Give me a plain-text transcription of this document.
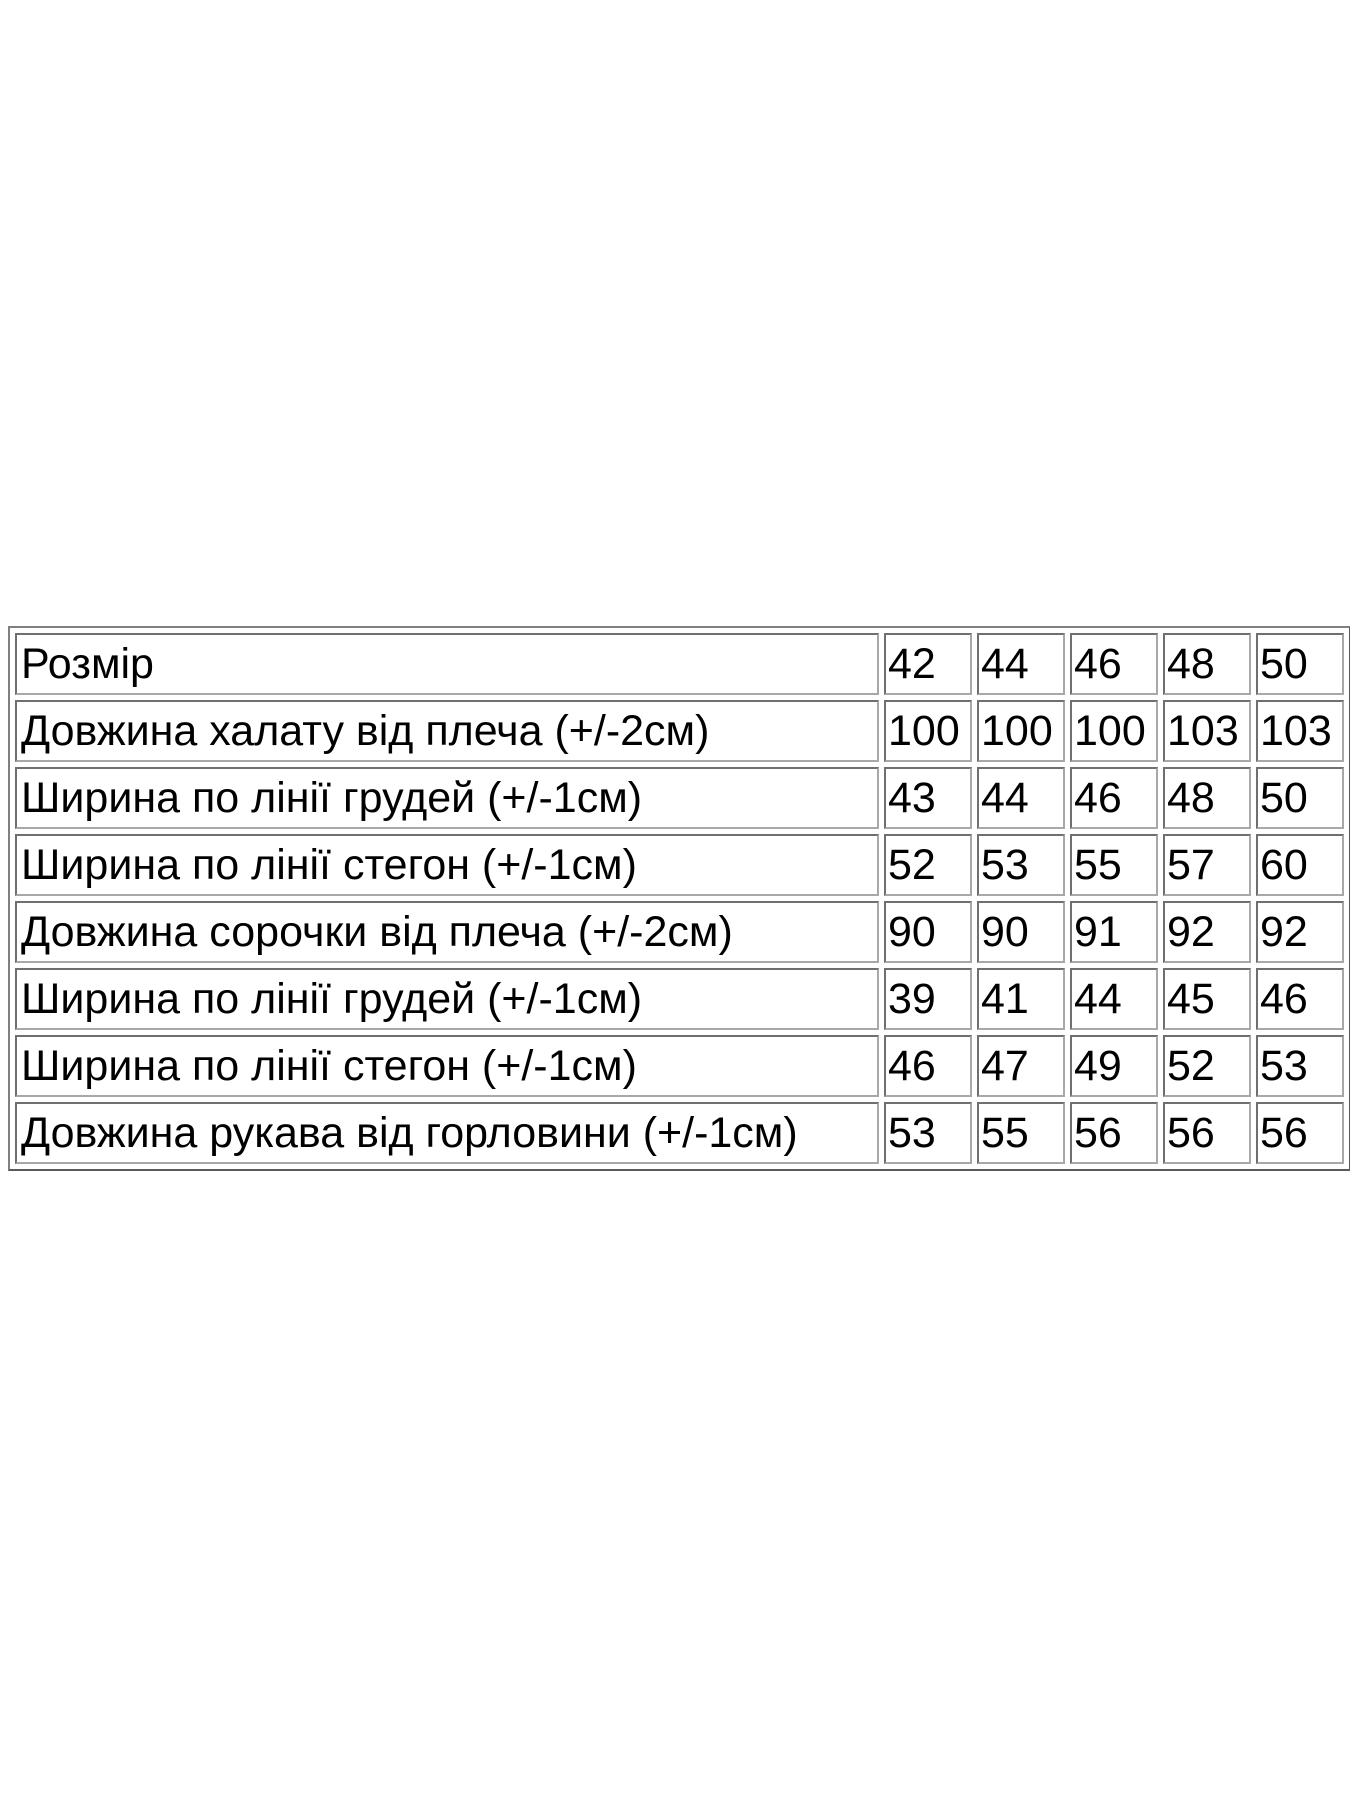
Розмір	42	44	46	48	50
Довжина халату від плеча (+/-2см)	100	100	100	103	103
Ширина по лінії грудей (+/-1см)	43	44	46	48	50
Ширина по лінії стегон (+/-1см)	52	53	55	57	60
Довжина сорочки від плеча (+/-2см)	90	90	91	92	92
Ширина по лінії грудей (+/-1см)	39	41	44	45	46
Ширина по лінії стегон (+/-1см)	46	47	49	52	53
Довжина рукава від горловини (+/-1см)	53	55	56	56	56
